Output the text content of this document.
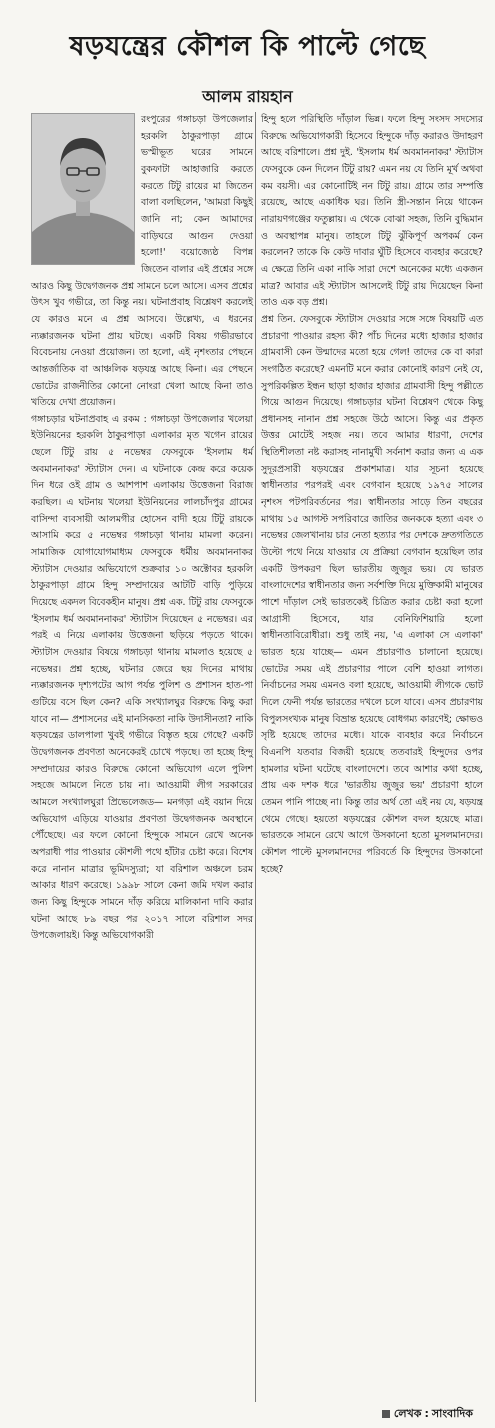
ষড়যন্ত্রের কৌশল কি পাল্টে গেছে
আলম রায়হান

রংপুরের গঙ্গাচড়া উপজেলার হরকলি ঠাকুরপাড়া গ্রামে ভস্মীভূত ঘরের সামনে বুকফাটা আহাজারি করতে করতে টিটু রায়ের মা জিতেন বালা বলছিলেন, 'আমরা কিছুই জানি না; কেন আমাদের বাড়িঘরে আগুন দেওয়া হলো!' বয়োজ্যেষ্ঠ বিপন্ন জিতেন বালার এই প্রশ্নের সঙ্গে আরও কিছু উদ্বেগজনক প্রশ্ন সামনে চলে আসে। এসব প্রশ্নের উৎস খুব গভীরে, তা কিন্তু নয়। ঘটনাপ্রবাহ বিশ্লেষণ করলেই যে কারও মনে এ প্রশ্ন আসবে। উল্লেখ্য, এ ধরনের ন্যক্কারজনক ঘটনা প্রায় ঘটছে। একটি বিষয় গভীরভাবে বিবেচনায় নেওয়া প্রয়োজন। তা হলো, এই নৃশংতার পেছনে আন্তর্জাতিক বা আঞ্চলিক ষড়যন্ত্র আছে কিনা। এর পেছনে ভোটের রাজনীতির কোনো নোংরা খেলা আছে কিনা তাও খতিয়ে দেখা প্রয়োজন।

গঙ্গাচড়ার ঘটনাপ্রবাহ এ রকম : গঙ্গাচড়া উপজেলার খলেয়া ইউনিয়নের হরকলি ঠাকুরপাড়া এলাকার মৃত খগেন রায়ের ছেলে টিটু রায় ৫ নভেম্বর ফেসবুকে 'ইসলাম ধর্ম অবমাননাকর' স্ট্যাটাস দেন। এ ঘটনাকে কেন্দ্র করে কয়েক দিন ধরে ওই গ্রাম ও আশপাশ এলাকায় উত্তেজনা বিরাজ করছিল। এ ঘটনায় খলেয়া ইউনিয়নের লালচাঁদপুর গ্রামের বাসিন্দা ব্যবসায়ী আলমগীর হোসেন বাদী হয়ে টিটু রায়কে আসামি করে ৫ নভেম্বর গঙ্গাচড়া থানায় মামলা করেন। সামাজিক যোগাযোগমাধ্যম ফেসবুকে ধর্মীয় অবমাননাকর স্ট্যাটাস দেওয়ার অভিযোগে শুক্রবার ১০ অক্টোবর হরকলি ঠাকুরপাড়া গ্রামে হিন্দু সম্প্রদায়ের আটটি বাড়ি পুড়িয়ে দিয়েছে একদল বিবেকহীন মানুষ। প্রশ্ন এক. টিটু রায় ফেসবুকে 'ইসলাম ধর্ম অবমাননাকর' স্ট্যাটাস দিয়েছেন ৫ নভেম্বর। এর পরই এ নিয়ে এলাকায় উত্তেজনা ছড়িয়ে পড়তে থাকে। স্ট্যাটাস দেওয়ার বিষয়ে গঙ্গাচড়া থানায় মামলাও হয়েছে ৫ নভেম্বর। প্রশ্ন হচ্ছে, ঘটনার জেরে ছয় দিনের মাথায় ন্যক্কারজনক দৃশ্যপটের আগ পর্যন্ত পুলিশ ও প্রশাসন হাত-পা গুটিয়ে বসে ছিল কেন? একি সংখ্যালঘুর বিরুদ্ধে কিছু করা যাবে না— প্রশাসনের এই মানসিকতা নাকি উদাসীনতা? নাকি ষড়যন্ত্রের ডালপালা খুবই গভীরে বিস্তৃত হয়ে গেছে? একটি উদ্বেগজনক প্রবণতা অনেকেরই চোখে পড়ছে। তা হচ্ছে হিন্দু সম্প্রদায়ের কারও বিরুদ্ধে কোনো অভিযোগ এলে পুলিশ সহজে আমলে নিতে চায় না। আওয়ামী লীগ সরকারের আমলে সংখ্যালঘুরা প্রিভেলেজড— মনগড়া এই বয়ান দিয়ে অভিযোগ এড়িয়ে যাওয়ার প্রবণতা উদ্বেগজনক অবস্থানে পৌঁছেছে। এর ফলে কোনো হিন্দুকে সামনে রেখে অনেক অপরাধী পার পাওয়ার কৌশলী পথে হাঁটার চেষ্টা করে। বিশেষ করে নানান মাত্রার ভূমিদস্যুরা; যা বরিশাল অঞ্চলে চরম আকার ধারণ করেছে। ১৯৯৮ সালে কেনা জমি দখল করার জন্য কিছু হিন্দুকে সামনে দাঁড় করিয়ে মালিকানা দাবি করার ঘটনা আছে ৮৯ বছর পর ২০১৭ সালে বরিশাল সদর উপজেলায়ই। কিন্তু অভিযোগকারী

হিন্দু হলে পরিস্থিতি দাঁড়াল ভিন্ন। ফলে হিন্দু সংসদ সদস্যের বিরুদ্ধে অভিযোগকারী হিসেবে হিন্দুকে দাঁড় করারও উদাহরণ আছে বরিশালে। প্রশ্ন দুই. 'ইসলাম ধর্ম অবমাননাকর' স্ট্যাটাস ফেসবুকে কেন দিলেন টিটু রায়? এমন নয় যে তিনি মূর্খ অথবা কম বয়সী। এর কোনোটিই নন টিটু রায়। গ্রামে তার সম্পত্তি রয়েছে, আছে একাধিক ঘর। তিনি স্ত্রী-সন্তান নিয়ে থাকেন নারায়ণগঞ্জের ফতুল্লায়। এ থেকে বোঝা সহজ, তিনি বুদ্ধিমান ও অবস্থাপন্ন মানুষ। তাহলে টিটু ঝুঁকিপূর্ণ অপকর্ম কেন করলেন? তাকে কি কেউ দাবার ঘুঁটি হিসেবে ব্যবহার করেছে? এ ক্ষেত্রে তিনি একা নাকি সারা দেশে অনেকের মধ্যে একজন মাত্র? আবার এই স্ট্যাটাস আসলেই টিটু রায় দিয়েছেন কিনা তাও এক বড় প্রশ্ন।

প্রশ্ন তিন. ফেসবুকে স্ট্যাটাস দেওয়ার সঙ্গে সঙ্গে বিষয়টি এত প্রচারণা পাওয়ার রহস্য কী? পাঁচ দিনের মধ্যে হাজার হাজার গ্রামবাসী কেন উন্মাদের মতো হয়ে গেল! তাদের কে বা কারা সংগঠিত করেছে? এমনটি মনে করার কোনোই কারণ নেই যে, সুপরিকল্পিত ইন্ধন ছাড়া হাজার হাজার গ্রামবাসী হিন্দু পল্লীতে গিয়ে আগুন দিয়েছে। গঙ্গাচড়ার ঘটনা বিশ্লেষণ থেকে কিছু প্রধানসহ নানান প্রশ্ন সহজে উঠে আসে। কিন্তু এর প্রকৃত উত্তর মোটেই সহজ নয়। তবে আমার ধারণা, দেশের স্থিতিশীলতা নষ্ট করাসহ নানামুখী সর্বনাশ করার জন্য এ এক সুদূরপ্রসারী ষড়যন্ত্রের প্রকাশমাত্র। যার সূচনা হয়েছে স্বাধীনতার পরপরই এবং বেগবান হয়েছে ১৯৭৫ সালের নৃশংস পটপরিবর্তনের পর। স্বাধীনতার সাড়ে তিন বছরের মাথায় ১৫ আগস্ট সপরিবারে জাতির জনককে হত্যা এবং ৩ নভেম্বর জেলখানায় চার নেতা হত্যার পর দেশকে দ্রুতগতিতে উল্টো পথে নিয়ে যাওয়ার যে প্রক্রিয়া বেগবান হয়েছিল তার একটি উপকরণ ছিল ভারতীয় জুজুর ভয়। যে ভারত বাংলাদেশের স্বাধীনতার জন্য সর্বশক্তি দিয়ে মুক্তিকামী মানুষের পাশে দাঁড়াল সেই ভারতকেই চিত্রিত করার চেষ্টা করা হলো আগ্রাসী হিসেবে, যার বেনিফিশিয়ারি হলো স্বাধীনতাবিরোধীরা। শুধু তাই নয়, 'এ এলাকা সে এলাকা' ভারত হয়ে যাচ্ছে— এমন প্রচারণাও চালানো হয়েছে। ভোটের সময় এই প্রচারণার পালে বেশি হাওয়া লাগত। নির্বাচনের সময় এমনও বলা হয়েছে, আওয়ামী লীগকে ভোট দিলে ফেনী পর্যন্ত ভারতের দখলে চলে যাবে। এসব প্রচারণায় বিপুলসংখ্যক মানুষ বিভ্রান্ত হয়েছে বোধগম্য কারণেই; ক্ষোভও সৃষ্টি হয়েছে তাদের মধ্যে। যাকে ব্যবহার করে নির্বাচনে বিএনপি যতবার বিজয়ী হয়েছে ততবারই হিন্দুদের ওপর হামলার ঘটনা ঘটেছে বাংলাদেশে। তবে আশার কথা হচ্ছে, প্রায় এক দশক ধরে 'ভারতীয় জুজুর ভয়' প্রচারণা হালে তেমন পানি পাচ্ছে না। কিন্তু তার অর্থ তো এই নয় যে, ষড়যন্ত্র থেমে গেছে। হয়তো ষড়যন্ত্রের কৌশল বদল হয়েছে মাত্র। ভারতকে সামনে রেখে আগে উসকানো হতো মুসলমানদের। কৌশল পাল্টে মুসলমানদের পরিবর্তে কি হিন্দুদের উসকানো হচ্ছে?

লেখক : সাংবাদিক
